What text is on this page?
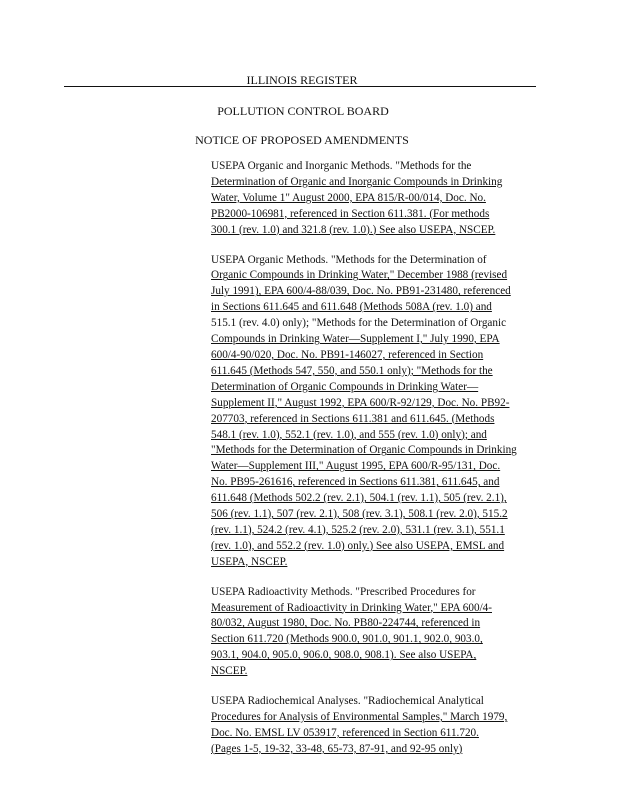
ILLINOIS REGISTER
POLLUTION CONTROL BOARD
NOTICE OF PROPOSED AMENDMENTS
USEPA Organic and Inorganic Methods. "Methods for the
Determination of Organic and Inorganic Compounds in Drinking
Water, Volume 1" August 2000, EPA 815/R-00/014, Doc. No.
PB2000-106981, referenced in Section 611.381. (For methods
300.1 (rev. 1.0) and 321.8 (rev. 1.0).) See also USEPA, NSCEP.
USEPA Organic Methods. "Methods for the Determination of
Organic Compounds in Drinking Water," December 1988 (revised
July 1991), EPA 600/4-88/039, Doc. No. PB91-231480, referenced
in Sections 611.645 and 611.648 (Methods 508A (rev. 1.0) and
515.1 (rev. 4.0) only); "Methods for the Determination of Organic
Compounds in Drinking Water—Supplement I," July 1990, EPA
600/4-90/020, Doc. No. PB91-146027, referenced in Section
611.645 (Methods 547, 550, and 550.1 only); "Methods for the
Determination of Organic Compounds in Drinking Water—
Supplement II," August 1992, EPA 600/R-92/129, Doc. No. PB92-
207703, referenced in Sections 611.381 and 611.645. (Methods
548.1 (rev. 1.0), 552.1 (rev. 1.0), and 555 (rev. 1.0) only); and
"Methods for the Determination of Organic Compounds in Drinking
Water—Supplement III," August 1995, EPA 600/R-95/131, Doc.
No. PB95-261616, referenced in Sections 611.381, 611.645, and
611.648 (Methods 502.2 (rev. 2.1), 504.1 (rev. 1.1), 505 (rev. 2.1),
506 (rev. 1.1), 507 (rev. 2.1), 508 (rev. 3.1), 508.1 (rev. 2.0), 515.2
(rev. 1.1), 524.2 (rev. 4.1), 525.2 (rev. 2.0), 531.1 (rev. 3.1), 551.1
(rev. 1.0), and 552.2 (rev. 1.0) only.) See also USEPA, EMSL and
USEPA, NSCEP.
USEPA Radioactivity Methods. "Prescribed Procedures for
Measurement of Radioactivity in Drinking Water," EPA 600/4-
80/032, August 1980, Doc. No. PB80-224744, referenced in
Section 611.720 (Methods 900.0, 901.0, 901.1, 902.0, 903.0,
903.1, 904.0, 905.0, 906.0, 908.0, 908.1). See also USEPA,
NSCEP.
USEPA Radiochemical Analyses. "Radiochemical Analytical
Procedures for Analysis of Environmental Samples," March 1979,
Doc. No. EMSL LV 053917, referenced in Section 611.720.
(Pages 1-5, 19-32, 33-48, 65-73, 87-91, and 92-95 only)
